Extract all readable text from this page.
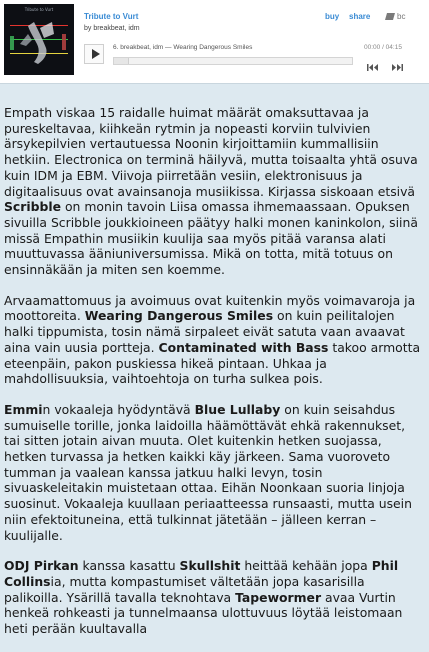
Tribute to Vurt
Tribute to Vurt
by breakbeat, idm
buy share	bc
6. breakbeat, idm — Wearing Dangerous Smiles	00:00 / 04:15

Empath viskaa 15 raidalle huimat määrät omaksuttavaa ja pureskeltavaa, kiihkeän rytmin ja nopeasti korviin tulvivien ärsykepilvien vertautuessa Noonin kirjoittamiin kummallisiin hetkiin. Electronica on terminä häilyvä, mutta toisaalta yhtä osuva kuin IDM ja EBM. Viivoja piirretään vesiin, elektronisuus ja digitaalisuus ovat avainsanoja musiikissa. Kirjassa siskoaan etsivä Scribble on monin tavoin Liisa omassa ihmemaassaan. Opuksen sivuilla Scribble joukkioineen päätyy halki monen kaninkolon, siinä missä Empathin musiikin kuulija saa myös pitää varansa alati muuttuvassa ääniuniversumissa. Mikä on totta, mitä totuus on ensinnäkään ja miten sen koemme.

Arvaamattomuus ja avoimuus ovat kuitenkin myös voimavaroja ja moottoreita. Wearing Dangerous Smiles on kuin peilitalojen halki tippumista, tosin nämä sirpaleet eivät satuta vaan avaavat aina vain uusia portteja. Contaminated with Bass takoo armotta eteenpäin, pakon puskiessa hikeä pintaan. Uhkaa ja mahdollisuuksia, vaihtoehtoja on turha sulkea pois.

Emmin vokaaleja hyödyntävä Blue Lullaby on kuin seisahdus sumuiselle torille, jonka laidoilla häämöttävät ehkä rakennukset, tai sitten jotain aivan muuta. Olet kuitenkin hetken suojassa, hetken turvassa ja hetken kaikki käy järkeen. Sama vuoroveto tumman ja vaalean kanssa jatkuu halki levyn, tosin sivuaskeleitakin muistetaan ottaa. Eihän Noonkaan suoria linjoja suosinut. Vokaaleja kuullaan periaatteessa runsaasti, mutta usein niin efektoituneina, että tulkinnat jätetään – jälleen kerran – kuulijalle.

ODJ Pirkan kanssa kasattu Skullshit heittää kehään jopa Phil Collinsia, mutta kompastumiset vältetään jopa kasarisilla palikoilla. Ysärillä tavalla teknohtava Tapewormer avaa Vurtin henkeä rohkeasti ja tunnelmaansa ulottuvuus löytää leistomaan heti perään kuultavalla
